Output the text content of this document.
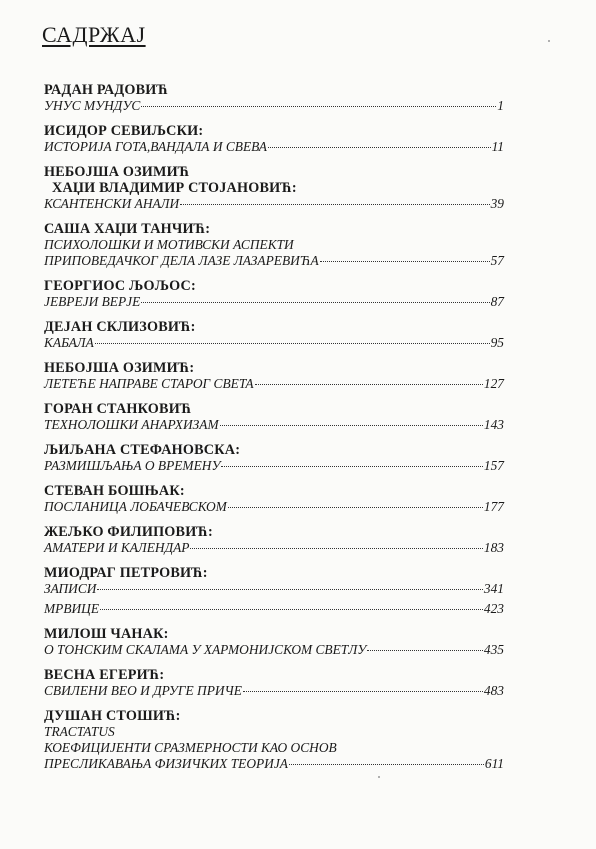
САДРЖАЈ
РАДАН РАДОВИЋ
УНУС МУНДУС	1
ИСИДОР СЕВИЉСКИ:
ИСТОРИЈА ГОТА,ВАНДАЛА И СВЕВА	11
НЕБОЈША ОЗИМИЋ
ХАЏИ ВЛАДИМИР СТОЈАНОВИЋ:
КСАНТЕНСКИ АНАЛИ	39
САША ХАЏИ ТАНЧИЋ:
ПСИХОЛОШКИ И МОТИВСКИ АСПЕКТИ
ПРИПОВЕДАЧКОГ ДЕЛА ЛАЗЕ ЛАЗАРЕВИЋА	57
ГЕОРГИОС ЉОЉОС:
ЈЕВРЕЈИ ВЕРЈЕ	87
ДЕЈАН СКЛИЗОВИЋ:
КАБАЛА	95
НЕБОЈША ОЗИМИЋ:
ЛЕТЕЋЕ НАПРАВЕ СТАРОГ СВЕТА	127
ГОРАН СТАНКОВИЋ
ТЕХНОЛОШКИ АНАРХИЗАМ	143
ЉИЉАНА СТЕФАНОВСКА:
РАЗМИШЉАЊА О ВРЕМЕНУ	157
СТЕВАН БОШЊАК:
ПОСЛАНИЦА ЛОБАЧЕВСКОМ	177
ЖЕЉКО ФИЛИПОВИЋ:
АМАТЕРИ И КАЛЕНДАР	183
МИОДРАГ ПЕТРОВИЋ:
ЗАПИСИ	341
МРВИЦЕ	423
МИЛОШ ЧАНАК:
О ТОНСКИМ СКАЛАМА У ХАРМОНИЈСКОМ СВЕТЛУ	435
ВЕСНА ЕГЕРИЋ:
СВИЛЕНИ ВЕО И ДРУГЕ ПРИЧЕ	483
ДУШАН СТОШИЋ:
TRACTATUS
КОЕФИЦИЈЕНТИ СРАЗМЕРНОСТИ КАО ОСНОВ
ПРЕСЛИКАВАЊА ФИЗИЧКИХ ТЕОРИЈА	611
